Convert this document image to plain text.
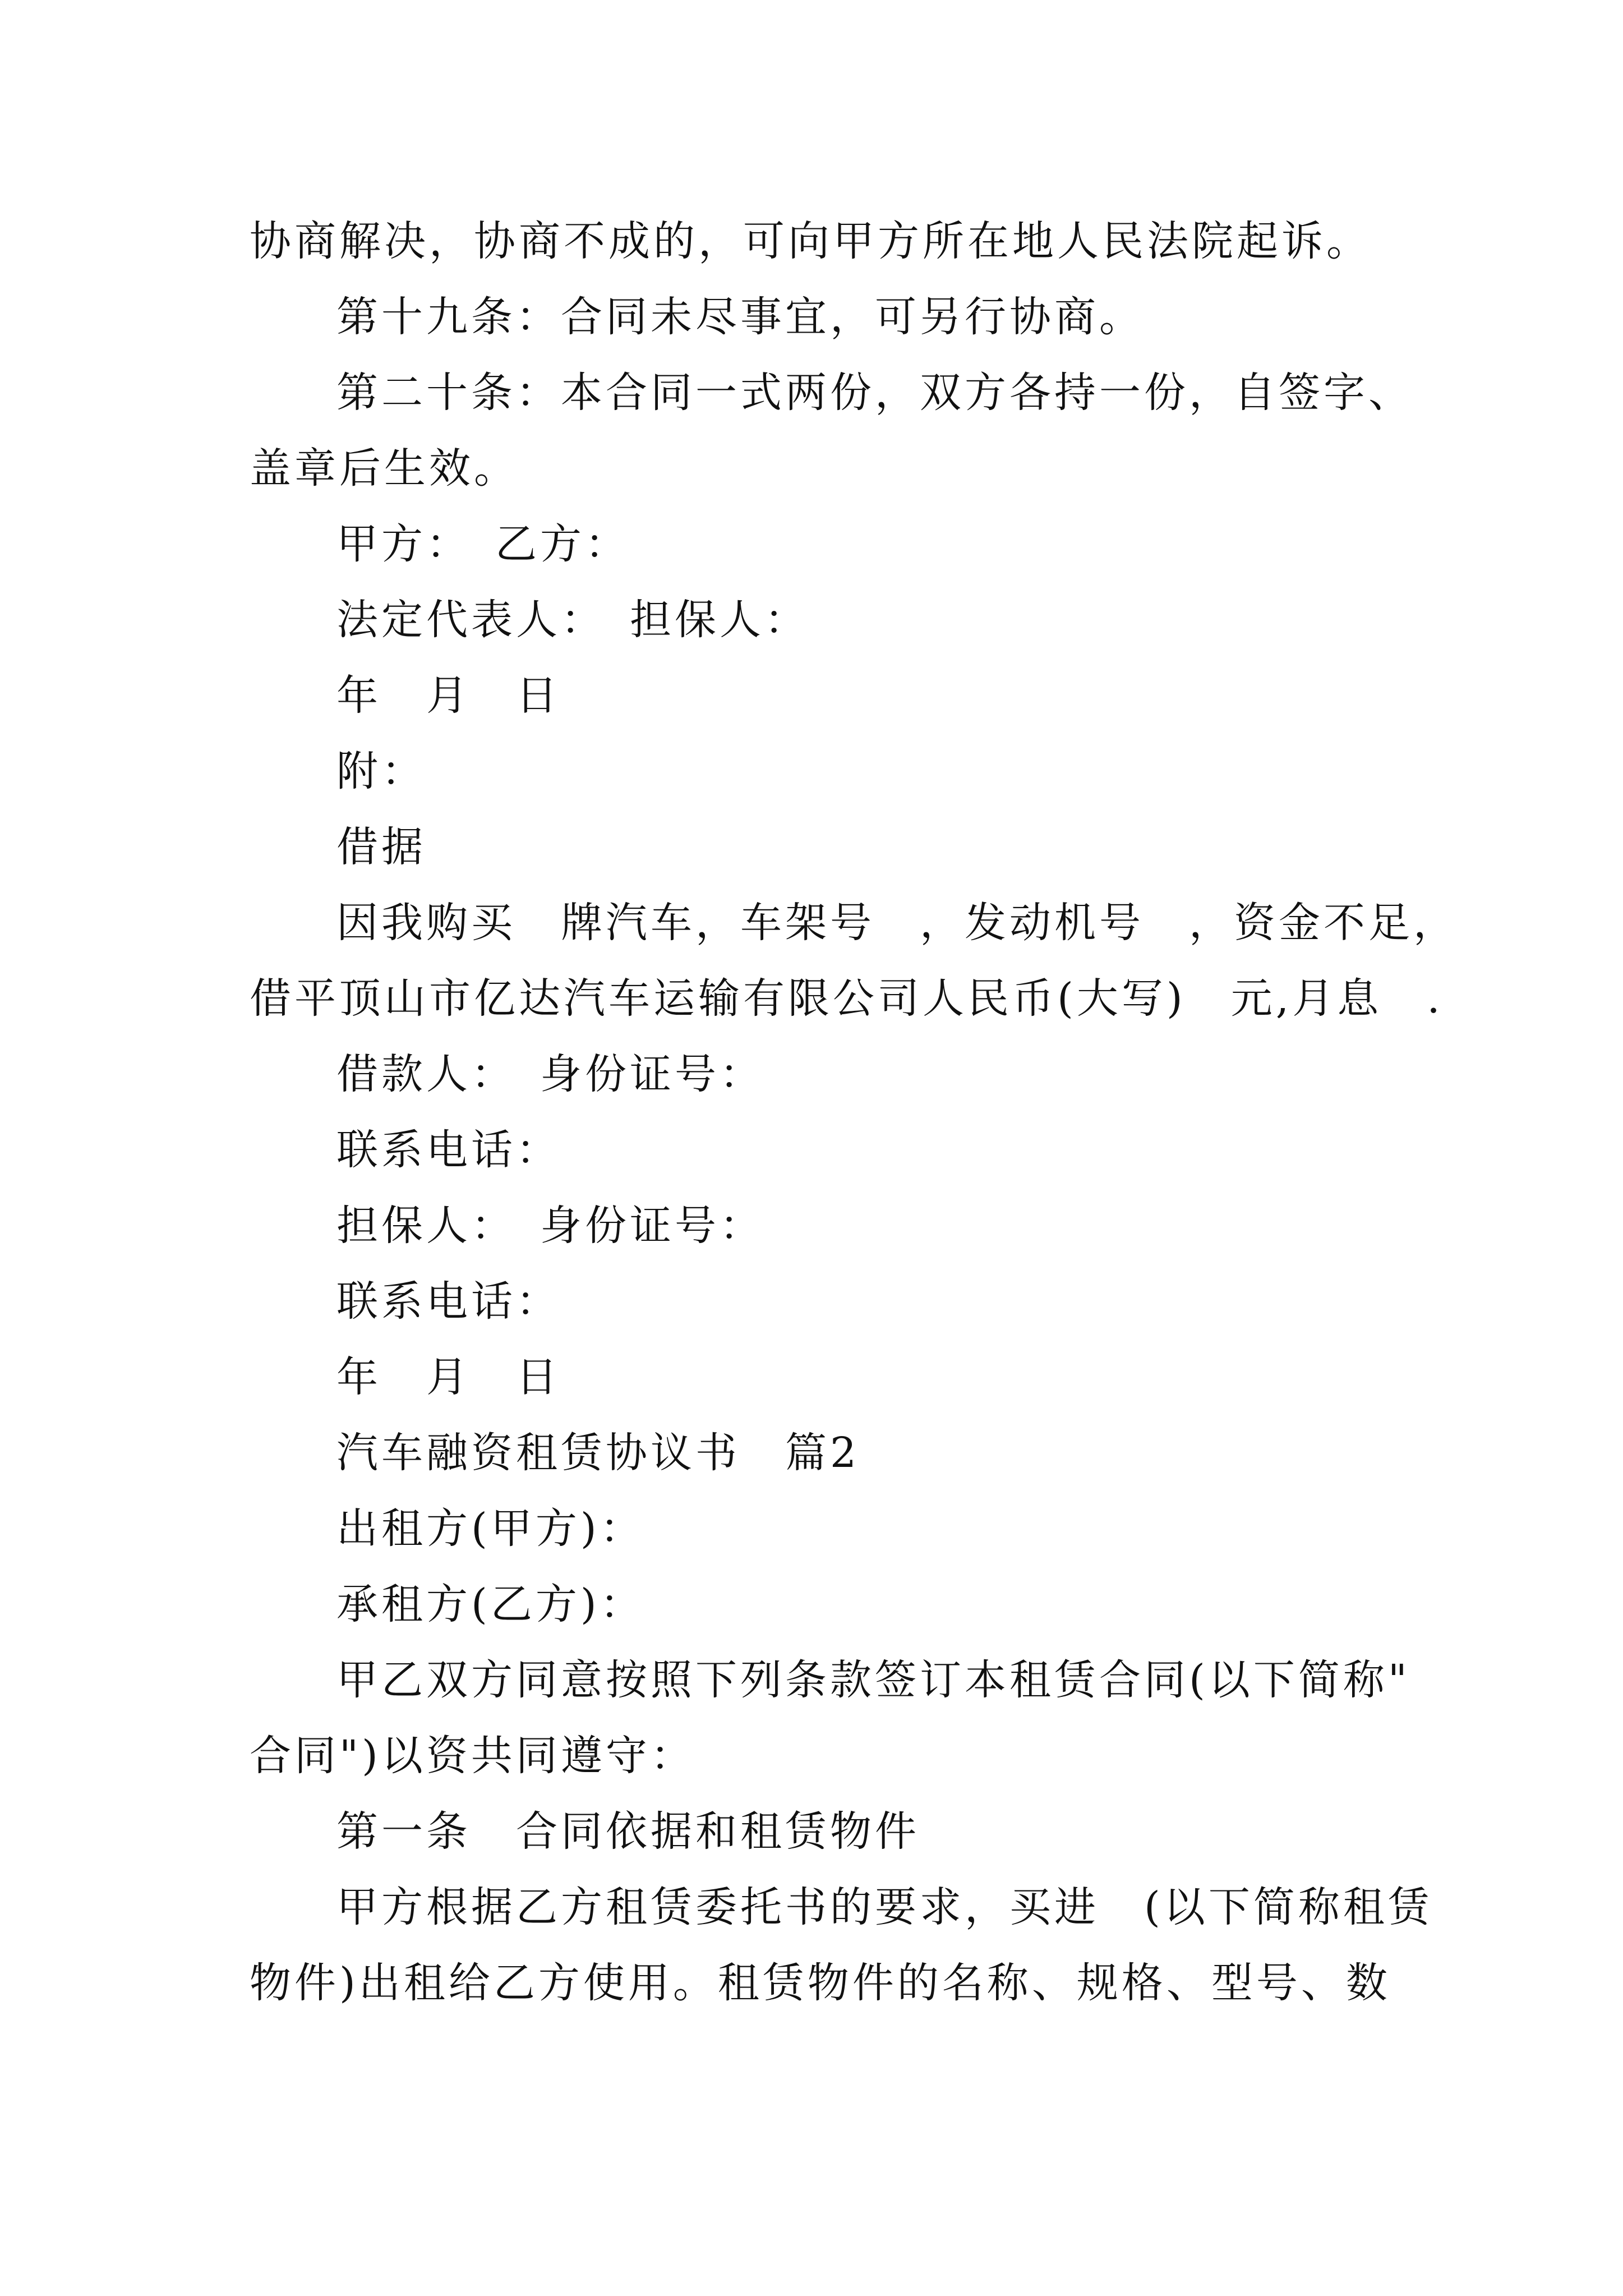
协商解决，协商不成的，可向甲方所在地人民法院起诉。
第十九条：合同未尽事宜，可另行协商。
第二十条：本合同一式两份，双方各持一份，自签字、
盖章后生效。
甲方：　乙方：
法定代表人：　担保人：
年　月　日
附：
借据
因我购买　牌汽车，车架号　，发动机号　，资金不足，
借平顶山市亿达汽车运输有限公司人民币(大写)　元,月息　.
借款人：　身份证号：
联系电话：
担保人：　身份证号：
联系电话：
年　月　日
汽车融资租赁协议书　篇2
出租方(甲方)：
承租方(乙方)：
甲乙双方同意按照下列条款签订本租赁合同(以下简称"
合同")以资共同遵守：
第一条　合同依据和租赁物件
甲方根据乙方租赁委托书的要求，买进　(以下简称租赁
物件)出租给乙方使用。租赁物件的名称、规格、型号、数
